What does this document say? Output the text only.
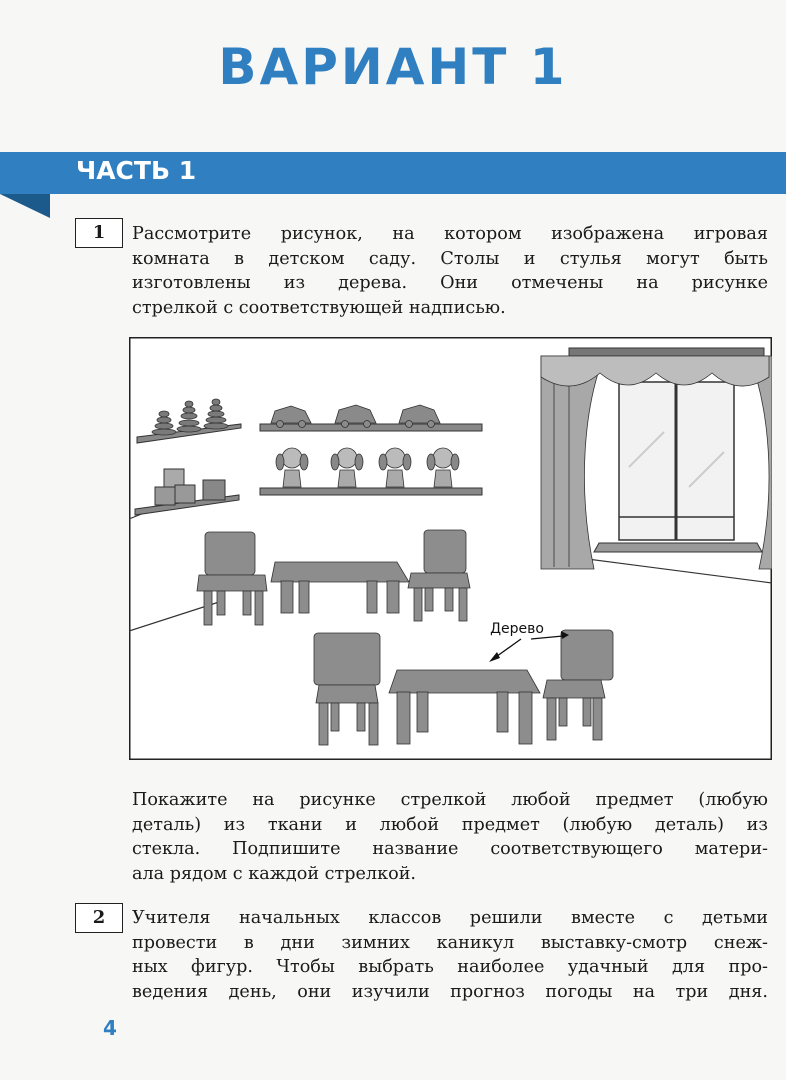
ВАРИАНТ 1
ЧАСТЬ 1
1	Рассмотрите рисунок, на котором изображена игровая
комната в детском саду. Столы и стулья могут быть
изготовлены из дерева. Они отмечены на рисунке
стрелкой с соответствующей надписью.
Дерево
Покажите на рисунке стрелкой любой предмет (любую
деталь) из ткани и любой предмет (любую деталь) из
стекла. Подпишите название соответствующего матери-
ала рядом с каждой стрелкой.
2	Учителя начальных классов решили вместе с детьми
провести в дни зимних каникул выставку-смотр снеж-
ных фигур. Чтобы выбрать наиболее удачный для про-
ведения день, они изучили прогноз погоды на три дня.
4
